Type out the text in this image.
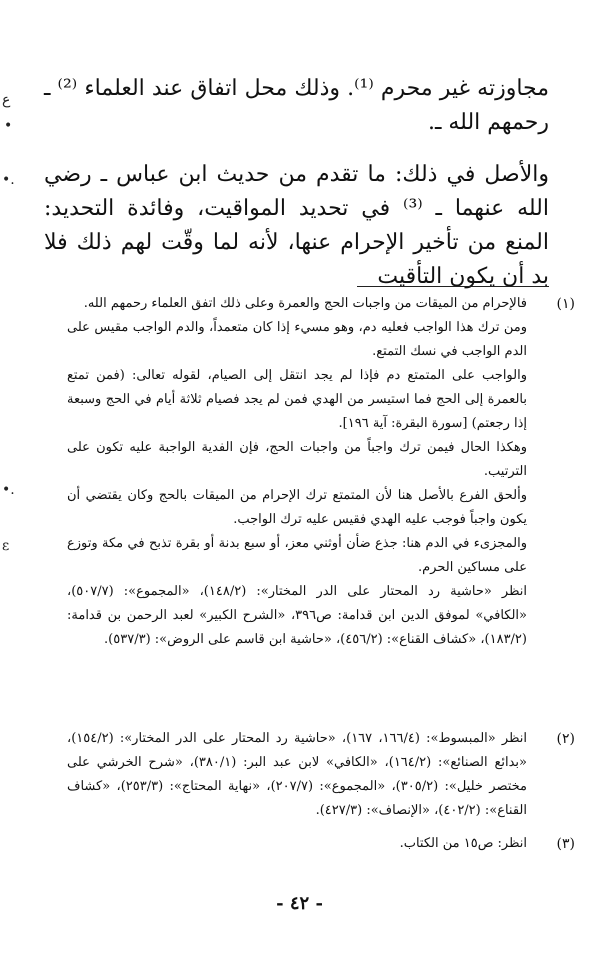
مجاوزته غير محرم ⁽¹⁾. وذلك محل اتفاق عند العلماء ⁽²⁾ ـ رحمهم الله ـ.

والأصل في ذلك: ما تقدم من حديث ابن عباس ـ رضي الله عنهما ـ ⁽³⁾ في تحديد المواقيت، وفائدة التحديد: المنع من تأخير الإحرام عنها، لأنه لما وقّت لهم ذلك فلا بد أن يكون التأقيت

(١)

فالإحرام من الميقات من واجبات الحج والعمرة وعلى ذلك اتفق العلماء رحمهم الله.

ومن ترك هذا الواجب فعليه دم، وهو مسيء إذا كان متعمداً، والدم الواجب مقيس على الدم الواجب في نسك التمتع.

والواجب على المتمتع دم فإذا لم يجد انتقل إلى الصيام، لقوله تعالى: (فمن تمتع بالعمرة إلى الحج فما استيسر من الهدي فمن لم يجد فصيام ثلاثة أيام في الحج وسبعة إذا رجعتم) [سورة البقرة: آية ١٩٦].

وهكذا الحال فيمن ترك واجباً من واجبات الحج، فإن الفدية الواجبة عليه تكون على الترتيب.

وألحق الفرع بالأصل هنا لأن المتمتع ترك الإحرام من الميقات بالحج وكان يقتضي أن يكون واجباً فوجب عليه الهدي فقيس عليه ترك الواجب.

والمجزىء في الدم هنا: جذع ضأن أوثني معز، أو سبع بدنة أو بقرة تذبح في مكة وتوزع على مساكين الحرم.

انظر «حاشية رد المحتار على الدر المختار»: (١٤٨/٢)، «المجموع»: (٥٠٧/٧)، «الكافي» لموفق الدين ابن قدامة: ص٣٩٦، «الشرح الكبير» لعبد الرحمن بن قدامة: (١٨٣/٢)، «كشاف القناع»: (٤٥٦/٢)، «حاشية ابن قاسم على الروض»: (٥٣٧/٣).

(٢)

انظر «المبسوط»: (١٦٦/٤، ١٦٧)، «حاشية رد المحتار على الدر المختار»: (١٥٤/٢)، «بدائع الصنائع»: (١٦٤/٢)، «الكافي» لابن عبد البر: (٣٨٠/١)، «شرح الخرشي على مختصر خليل»: (٣٠٥/٢)، «المجموع»: (٢٠٧/٧)، «نهاية المحتاج»: (٢٥٣/٣)، «كشاف القناع»: (٤٠٢/٢)، «الإنصاف»: (٤٢٧/٣).

(٣)

انظر: ص١٥ من الكتاب.

- ٤٢ -
ع
•
•.
•.
ε
